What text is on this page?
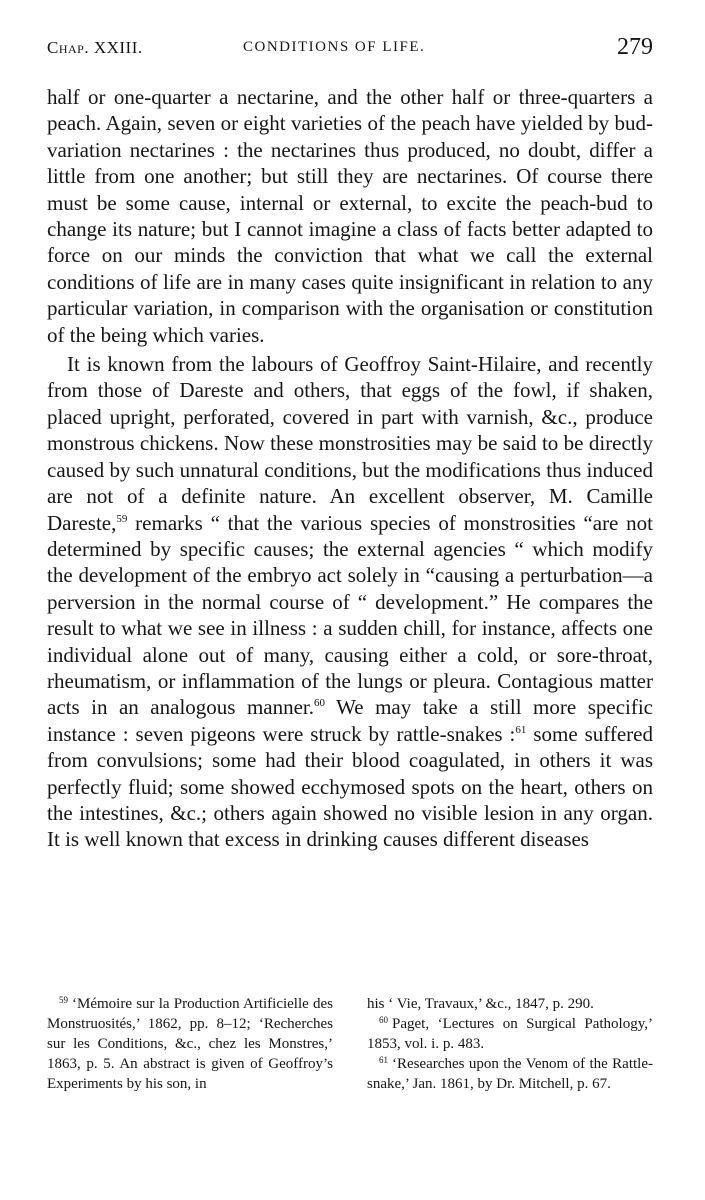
Chap. XXIII.	CONDITIONS OF LIFE.	279

half or one-quarter a nectarine, and the other half or three-quarters a peach. Again, seven or eight varieties of the peach have yielded by bud-variation nectarines : the nectarines thus produced, no doubt, differ a little from one another; but still they are nectarines. Of course there must be some cause, internal or external, to excite the peach-bud to change its nature; but I cannot imagine a class of facts better adapted to force on our minds the conviction that what we call the external conditions of life are in many cases quite insignificant in relation to any particular variation, in comparison with the organisation or constitution of the being which varies.

It is known from the labours of Geoffroy Saint-Hilaire, and recently from those of Dareste and others, that eggs of the fowl, if shaken, placed upright, perforated, covered in part with varnish, &c., produce monstrous chickens. Now these monstrosities may be said to be directly caused by such unnatural conditions, but the modifications thus induced are not of a definite nature. An excellent observer, M. Camille Dareste,$^{59}$ remarks “ that the various species of monstrosities “are not determined by specific causes; the external agencies “ which modify the development of the embryo act solely in “causing a perturbation—a perversion in the normal course of “ development.” He compares the result to what we see in illness : a sudden chill, for instance, affects one individual alone out of many, causing either a cold, or sore-throat, rheumatism, or inflammation of the lungs or pleura. Contagious matter acts in an analogous manner.$^{60}$ We may take a still more specific instance : seven pigeons were struck by rattle-snakes :$^{61}$ some suffered from convulsions; some had their blood coagulated, in others it was perfectly fluid; some showed ecchymosed spots on the heart, others on the intestines, &c.; others again showed no visible lesion in any organ. It is well known that excess in drinking causes different diseases

$^{59}$ ‘Mémoire sur la Production Artificielle des Monstruosités,’ 1862, pp. 8–12; ‘Recherches sur les Conditions, &c., chez les Monstres,’ 1863, p. 5. An abstract is given of Geoffroy’s Experiments by his son, in

his ‘ Vie, Travaux,’ &c., 1847, p. 290.

$^{60}$ Paget, ‘Lectures on Surgical Pathology,’ 1853, vol. i. p. 483.

$^{61}$ ‘Researches upon the Venom of the Rattle-snake,’ Jan. 1861, by Dr. Mitchell, p. 67.
